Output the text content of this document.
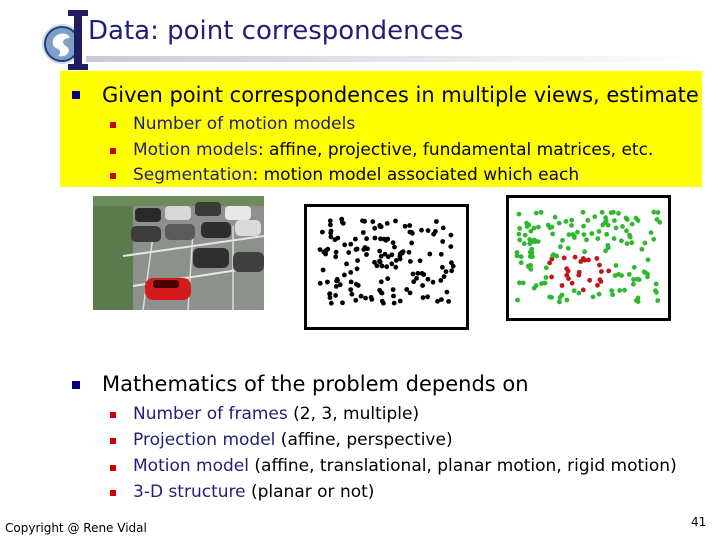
Data: point correspondences
Given point correspondences in multiple views, estimate
Number of motion models
Motion models: affine, projective, fundamental matrices, etc.
Segmentation: motion model associated which each
Mathematics of the problem depends on
Number of frames (2, 3, multiple)
Projection model (affine, perspective)
Motion model (affine, translational, planar motion, rigid motion)
3-D structure (planar or not)
Copyright @ Rene Vidal	41
